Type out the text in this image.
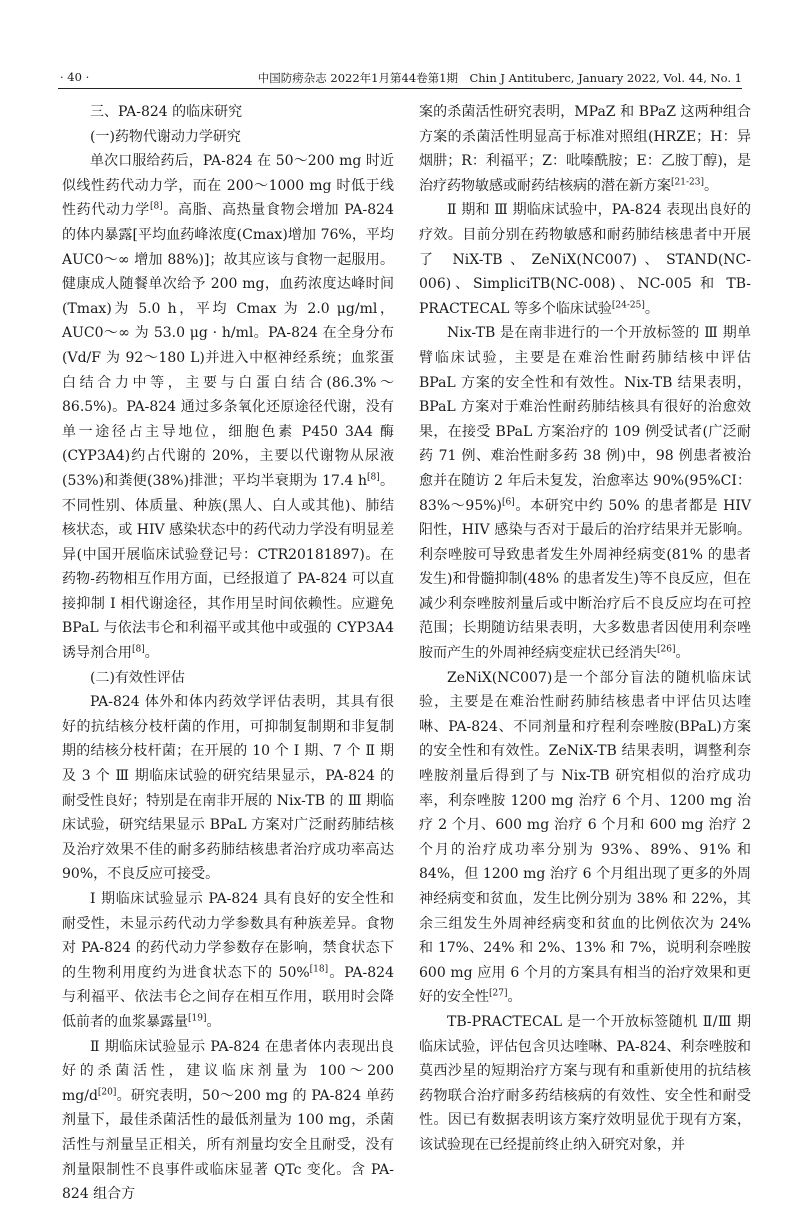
· 40 ·	中国防痨杂志 2022年1月第44卷第1期　Chin J Antituberc, January 2022, Vol. 44, No. 1
三、PA-824 的临床研究
(一)药物代谢动力学研究

单次口服给药后，PA-824 在 50～200 mg 时近似线性药代动力学，而在 200～1000 mg 时低于线性药代动力学[8]。高脂、高热量食物会增加 PA-824 的体内暴露[平均血药峰浓度(Cmax)增加 76%，平均 AUC0～∞ 增加 88%)]；故其应该与食物一起服用。健康成人随餐单次给予 200 mg，血药浓度达峰时间(Tmax)为 5.0 h，平均 Cmax 为 2.0 μg/ml，AUC0～∞ 为 53.0 μg · h/ml。PA-824 在全身分布(Vd/F 为 92～180 L)并进入中枢神经系统；血浆蛋白结合力中等，主要与白蛋白结合(86.3%～86.5%)。PA-824 通过多条氧化还原途径代谢，没有单一途径占主导地位，细胞色素 P450 3A4 酶(CYP3A4)约占代谢的 20%，主要以代谢物从尿液(53%)和粪便(38%)排泄；平均半衰期为 17.4 h[8]。不同性别、体质量、种族(黑人、白人或其他)、肺结核状态，或 HIV 感染状态中的药代动力学没有明显差异(中国开展临床试验登记号：CTR20181897)。在药物-药物相互作用方面，已经报道了 PA-824 可以直接抑制 I 相代谢途径，其作用呈时间依赖性。应避免 BPaL 与依法韦仑和利福平或其他中或强的 CYP3A4 诱导剂合用[8]。

(二)有效性评估

PA-824 体外和体内药效学评估表明，其具有很好的抗结核分枝杆菌的作用，可抑制复制期和非复制期的结核分枝杆菌；在开展的 10 个 Ⅰ 期、7 个 Ⅱ 期及 3 个 Ⅲ 期临床试验的研究结果显示，PA-824 的耐受性良好；特别是在南非开展的 Nix-TB 的 Ⅲ 期临床试验，研究结果显示 BPaL 方案对广泛耐药肺结核及治疗效果不佳的耐多药肺结核患者治疗成功率高达 90%，不良反应可接受。

Ⅰ 期临床试验显示 PA-824 具有良好的安全性和耐受性，未显示药代动力学参数具有种族差异。食物对 PA-824 的药代动力学参数存在影响，禁食状态下的生物利用度约为进食状态下的 50%[18]。PA-824 与利福平、依法韦仑之间存在相互作用，联用时会降低前者的血浆暴露量[19]。

Ⅱ 期临床试验显示 PA-824 在患者体内表现出良好的杀菌活性，建议临床剂量为 100～200 mg/d[20]。研究表明，50～200 mg 的 PA-824 单药剂量下，最佳杀菌活性的最低剂量为 100 mg，杀菌活性与剂量呈正相关，所有剂量均安全且耐受，没有剂量限制性不良事件或临床显著 QTc 变化。含 PA-824 组合方

案的杀菌活性研究表明，MPaZ 和 BPaZ 这两种组合方案的杀菌活性明显高于标准对照组(HRZE；H：异烟肼；R：利福平；Z：吡嗪酰胺；E：乙胺丁醇)，是治疗药物敏感或耐药结核病的潜在新方案[21-23]。

Ⅱ 期和 Ⅲ 期临床试验中，PA-824 表现出良好的疗效。目前分别在药物敏感和耐药肺结核患者中开展了 NiX-TB、ZeNiX(NC007)、STAND(NC-006)、SimpliciTB(NC-008)、NC-005 和 TB-PRACTECAL 等多个临床试验[24-25]。

Nix-TB 是在南非进行的一个开放标签的 Ⅲ 期单臂临床试验，主要是在难治性耐药肺结核中评估 BPaL 方案的安全性和有效性。Nix-TB 结果表明，BPaL 方案对于难治性耐药肺结核具有很好的治愈效果，在接受 BPaL 方案治疗的 109 例受试者(广泛耐药 71 例、难治性耐多药 38 例)中，98 例患者被治愈并在随访 2 年后未复发，治愈率达 90%(95%CI：83%～95%)[6]。本研究中约 50% 的患者都是 HIV 阳性，HIV 感染与否对于最后的治疗结果并无影响。利奈唑胺可导致患者发生外周神经病变(81% 的患者发生)和骨髓抑制(48% 的患者发生)等不良反应，但在减少利奈唑胺剂量后或中断治疗后不良反应均在可控范围；长期随访结果表明，大多数患者因使用利奈唑胺而产生的外周神经病变症状已经消失[26]。

ZeNiX(NC007)是一个部分盲法的随机临床试验，主要是在难治性耐药肺结核患者中评估贝达喹啉、PA-824、不同剂量和疗程利奈唑胺(BPaL)方案的安全性和有效性。ZeNiX-TB 结果表明，调整利奈唑胺剂量后得到了与 Nix-TB 研究相似的治疗成功率，利奈唑胺 1200 mg 治疗 6 个月、1200 mg 治疗 2 个月、600 mg 治疗 6 个月和 600 mg 治疗 2 个月的治疗成功率分别为 93%、89%、91% 和 84%，但 1200 mg 治疗 6 个月组出现了更多的外周神经病变和贫血，发生比例分别为 38% 和 22%，其余三组发生外周神经病变和贫血的比例依次为 24% 和 17%、24% 和 2%、13% 和 7%，说明利奈唑胺 600 mg 应用 6 个月的方案具有相当的治疗效果和更好的安全性[27]。

TB-PRACTECAL 是一个开放标签随机 Ⅱ/Ⅲ 期临床试验，评估包含贝达喹啉、PA-824、利奈唑胺和莫西沙星的短期治疗方案与现有和重新使用的抗结核药物联合治疗耐多药结核病的有效性、安全性和耐受性。因已有数据表明该方案疗效明显优于现有方案，该试验现在已经提前终止纳入研究对象，并
